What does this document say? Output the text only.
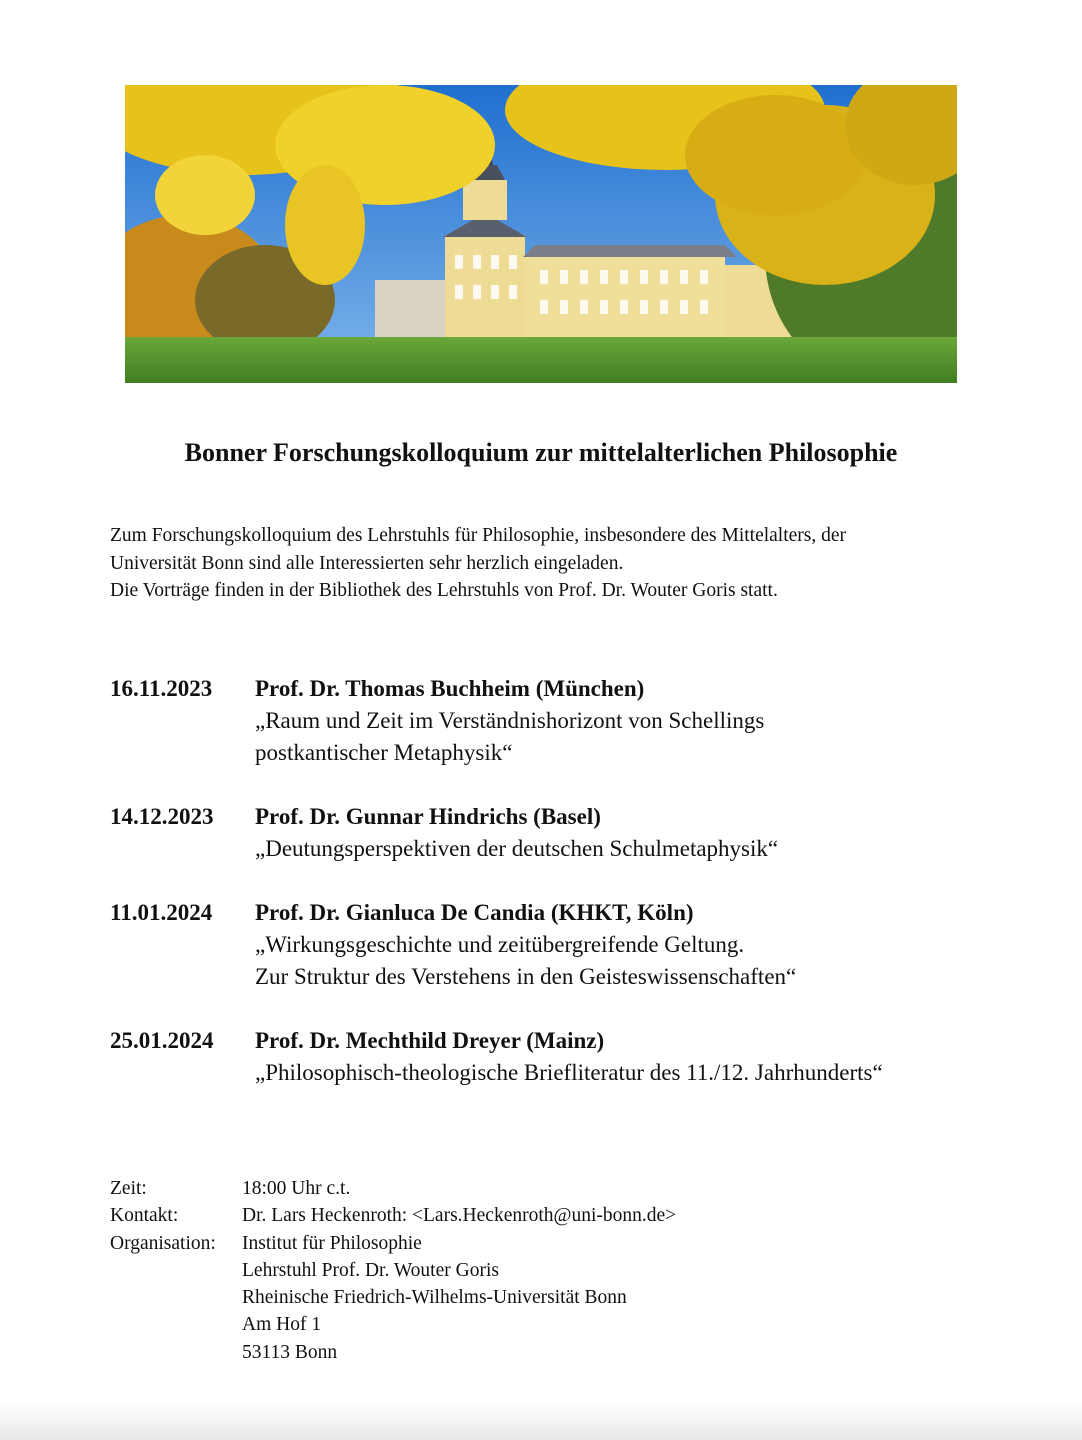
Bonner Forschungskolloquium zur mittelalterlichen Philosophie
Zum Forschungskolloquium des Lehrstuhls für Philosophie, insbesondere des Mittelalters, der
Universität Bonn sind alle Interessierten sehr herzlich eingeladen.
Die Vorträge finden in der Bibliothek des Lehrstuhls von Prof. Dr. Wouter Goris statt.
16.11.2023 Prof. Dr. Thomas Buchheim (München)
„Raum und Zeit im Verständnishorizont von Schellings
postkantischer Metaphysik“
14.12.2023 Prof. Dr. Gunnar Hindrichs (Basel)
„Deutungsperspektiven der deutschen Schulmetaphysik“
11.01.2024 Prof. Dr. Gianluca De Candia (KHKT, Köln)
„Wirkungsgeschichte und zeitübergreifende Geltung.
Zur Struktur des Verstehens in den Geisteswissenschaften“
25.01.2024 Prof. Dr. Mechthild Dreyer (Mainz)
„Philosophisch-theologische Briefliteratur des 11./12. Jahrhunderts“
Zeit:	18:00 Uhr c.t.
Kontakt:	Dr. Lars Heckenroth: <Lars.Heckenroth@uni-bonn.de>
Organisation:	Institut für Philosophie
Lehrstuhl Prof. Dr. Wouter Goris
Rheinische Friedrich-Wilhelms-Universität Bonn
Am Hof 1
53113 Bonn
